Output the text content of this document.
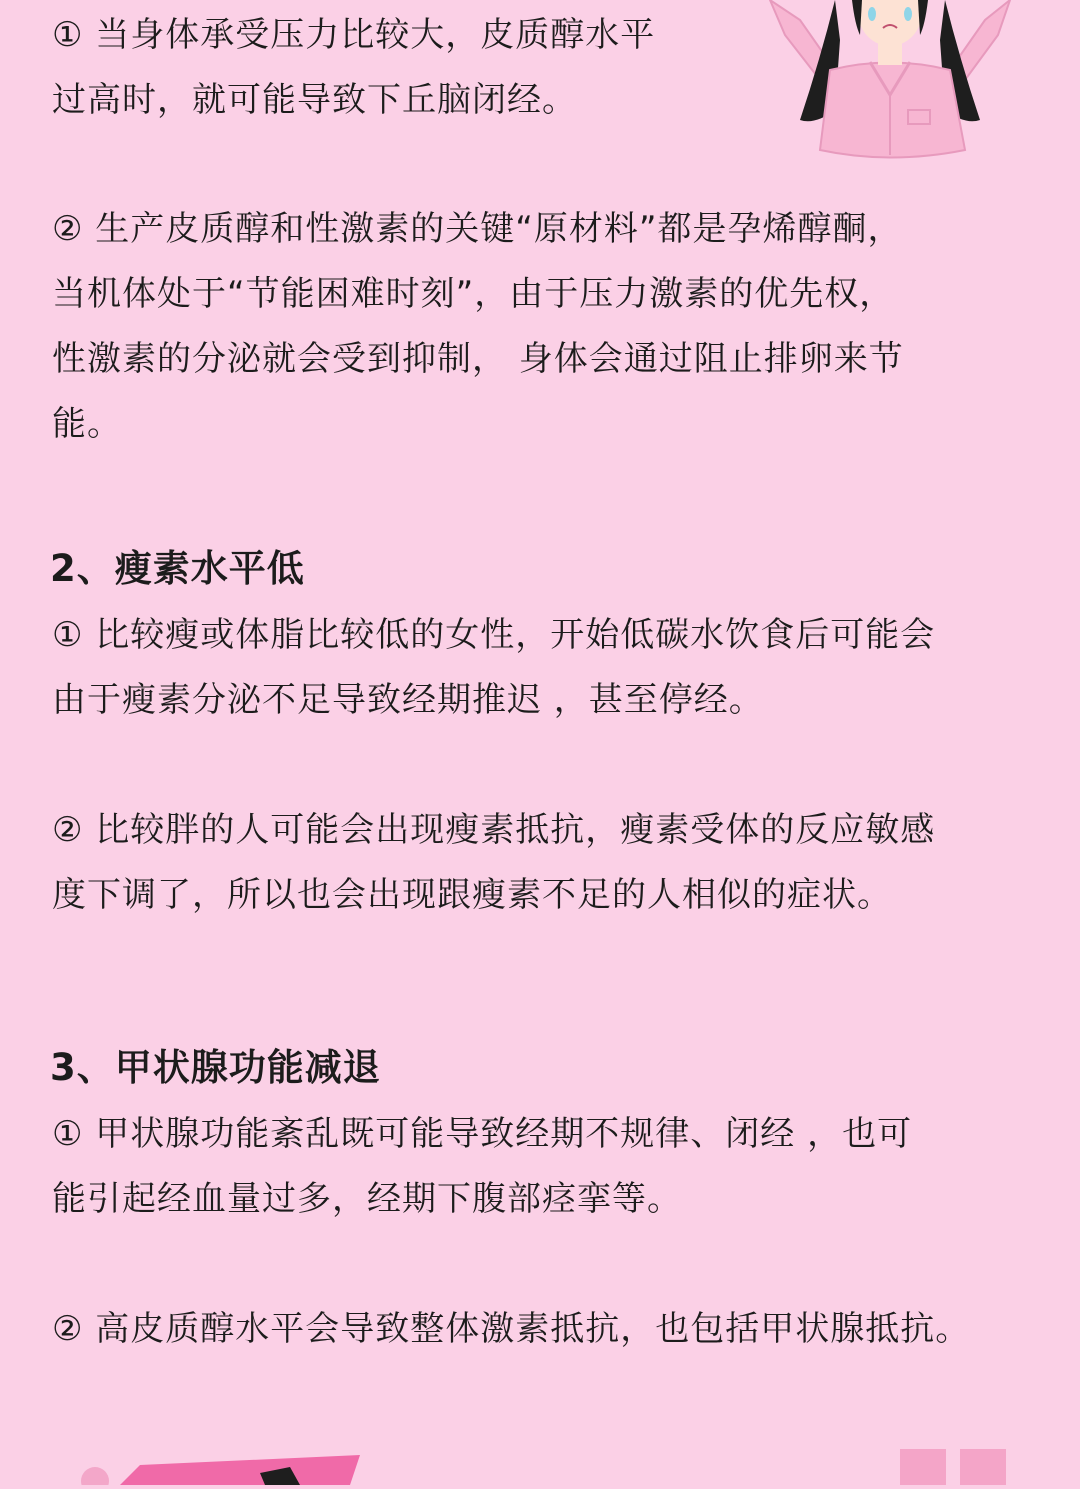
① 当身体承受压力比较大，皮质醇水平
过高时，就可能导致下丘脑闭经。

② 生产皮质醇和性激素的关键“原材料”都是孕烯醇酮，
当机体处于“节能困难时刻”，由于压力激素的优先权，
性激素的分泌就会受到抑制， 身体会通过阻止排卵来节
能。

2、瘦素水平低

① 比较瘦或体脂比较低的女性，开始低碳水饮食后可能会
由于瘦素分泌不足导致经期推迟 ，甚至停经。

② 比较胖的人可能会出现瘦素抵抗，瘦素受体的反应敏感
度下调了，所以也会出现跟瘦素不足的人相似的症状。

3、甲状腺功能减退

① 甲状腺功能紊乱既可能导致经期不规律、闭经 ，也可
能引起经血量过多，经期下腹部痉挛等。

② 高皮质醇水平会导致整体激素抵抗，也包括甲状腺抵抗。
